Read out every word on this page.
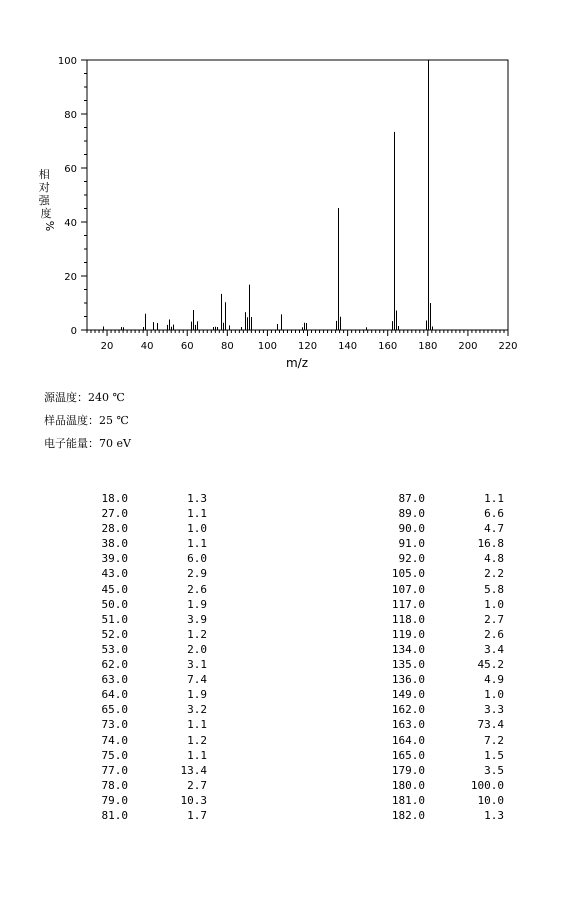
20	40	60	80 100 120 140 160 180 200 220
0
20
40
60
80
100
相 对 强 度
%
m/z
源温度：240 ℃
样品温度：25 ℃
电子能量：70 eV
18.0	1.3
27.0	1.1
28.0	1.0
38.0	1.1
39.0	6.0
43.0	2.9
45.0	2.6
50.0	1.9
51.0	3.9
52.0	1.2
53.0	2.0
62.0	3.1
63.0	7.4
64.0	1.9
65.0	3.2
73.0	1.1
74.0	1.2
75.0	1.1
77.0	13.4
78.0	2.7
79.0	10.3
81.0	1.7
87.0	1.1
89.0	6.6
90.0	4.7
91.0	16.8
92.0	4.8
105.0	2.2
107.0	5.8
117.0	1.0
118.0	2.7
119.0	2.6
134.0	3.4
135.0	45.2
136.0	4.9
149.0	1.0
162.0	3.3
163.0	73.4
164.0	7.2
165.0	1.5
179.0	3.5
180.0	100.0
181.0	10.0
182.0	1.3
